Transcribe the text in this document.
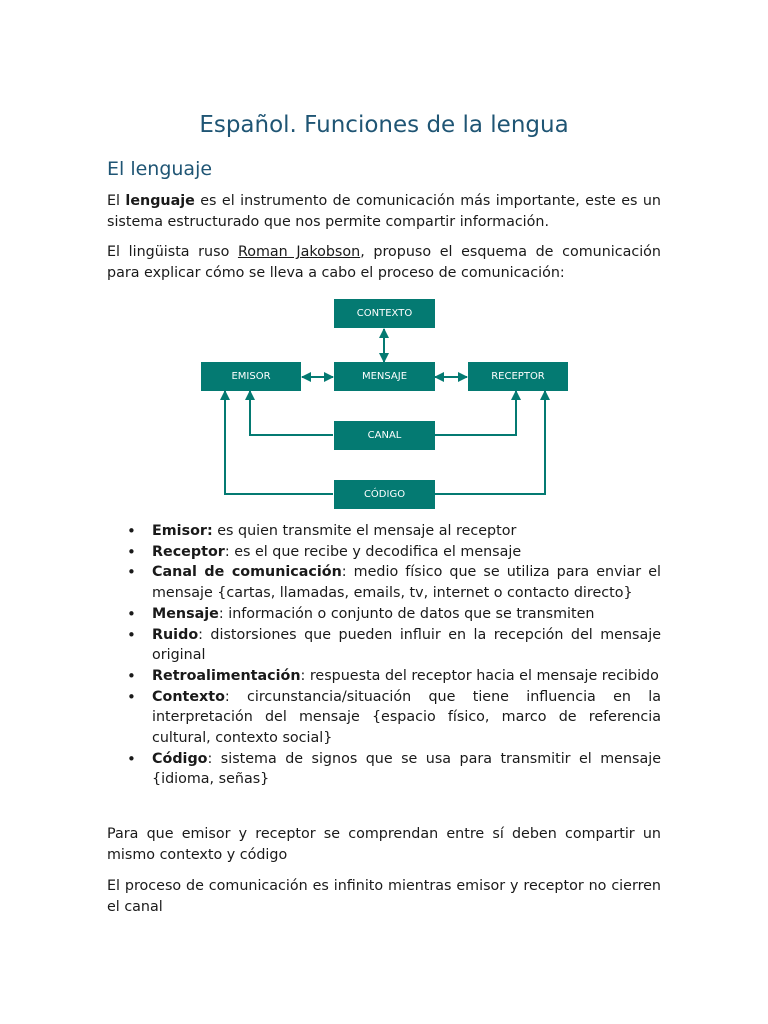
Español. Funciones de la lengua
El lenguaje

El lenguaje es el instrumento de comunicación más importante, este es un sistema estructurado que nos permite compartir información.

El lingüista ruso Roman Jakobson, propuso el esquema de comunicación para explicar cómo se lleva a cabo el proceso de comunicación:

• Emisor: es quien transmite el mensaje al receptor
• Receptor: es el que recibe y decodifica el mensaje
• Canal de comunicación: medio físico que se utiliza para enviar el mensaje {cartas, llamadas, emails, tv, internet o contacto directo}
• Mensaje: información o conjunto de datos que se transmiten
• Ruido: distorsiones que pueden influir en la recepción del mensaje original
• Retroalimentación: respuesta del receptor hacia el mensaje recibido
• Contexto: circunstancia/situación que tiene influencia en la interpretación del mensaje {espacio físico, marco de referencia cultural, contexto social}
• Código: sistema de signos que se usa para transmitir el mensaje {idioma, señas}

Para que emisor y receptor se comprendan entre sí deben compartir un mismo contexto y código

El proceso de comunicación es infinito mientras emisor y receptor no cierren el canal

CONTEXTO
EMISOR	MENSAJE	RECEPTOR
CANAL
CÓDIGO
